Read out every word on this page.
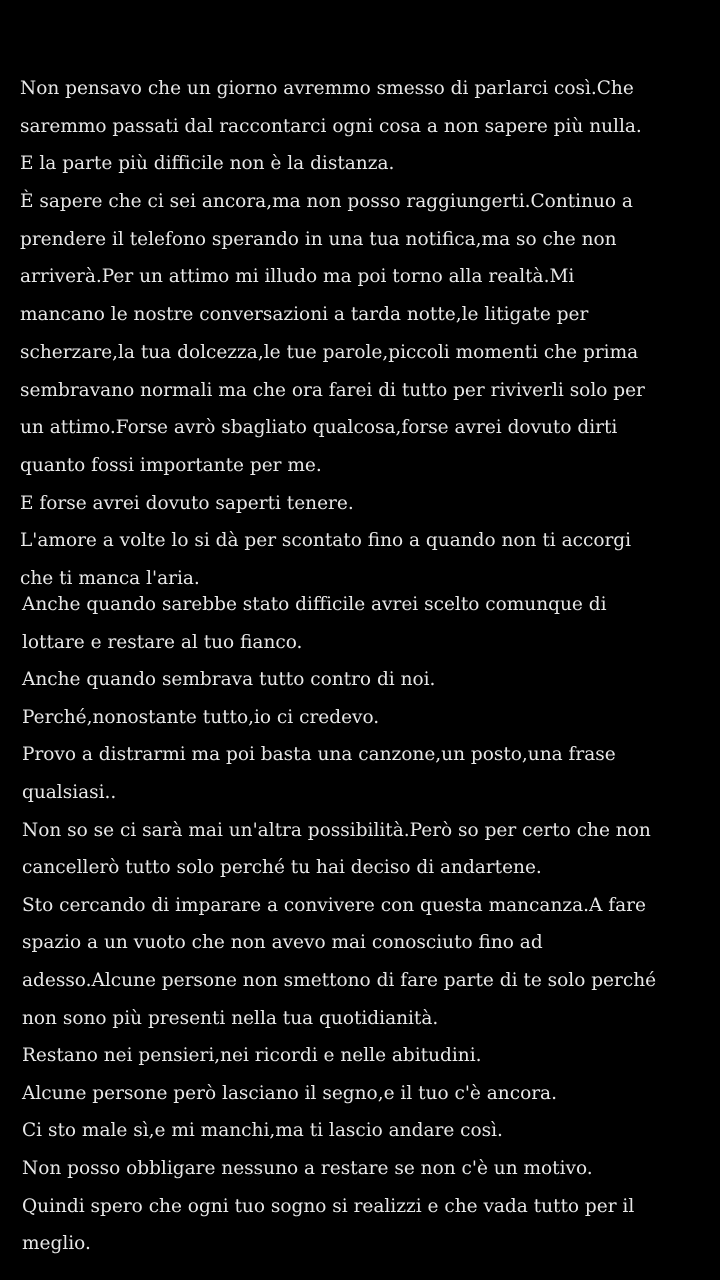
Non pensavo che un giorno avremmo smesso di parlarci così.Che
saremmo passati dal raccontarci ogni cosa a non sapere più nulla.
E la parte più difficile non è la distanza.
È sapere che ci sei ancora,ma non posso raggiungerti.Continuo a
prendere il telefono sperando in una tua notifica,ma so che non
arriverà.Per un attimo mi illudo ma poi torno alla realtà.Mi
mancano le nostre conversazioni a tarda notte,le litigate per
scherzare,la tua dolcezza,le tue parole,piccoli momenti che prima
sembravano normali ma che ora farei di tutto per riviverli solo per
un attimo.Forse avrò sbagliato qualcosa,forse avrei dovuto dirti
quanto fossi importante per me.
E forse avrei dovuto saperti tenere.
L'amore a volte lo si dà per scontato fino a quando non ti accorgi
che ti manca l'aria.
Anche quando sarebbe stato difficile avrei scelto comunque di
lottare e restare al tuo fianco.
Anche quando sembrava tutto contro di noi.
Perché,nonostante tutto,io ci credevo.
Provo a distrarmi ma poi basta una canzone,un posto,una frase
qualsiasi..
Non so se ci sarà mai un'altra possibilità.Però so per certo che non
cancellerò tutto solo perché tu hai deciso di andartene.
Sto cercando di imparare a convivere con questa mancanza.A fare
spazio a un vuoto che non avevo mai conosciuto fino ad
adesso.Alcune persone non smettono di fare parte di te solo perché
non sono più presenti nella tua quotidianità.
Restano nei pensieri,nei ricordi e nelle abitudini.
Alcune persone però lasciano il segno,e il tuo c'è ancora.
Ci sto male sì,e mi manchi,ma ti lascio andare così.
Non posso obbligare nessuno a restare se non c'è un motivo.
Quindi spero che ogni tuo sogno si realizzi e che vada tutto per il
meglio.
